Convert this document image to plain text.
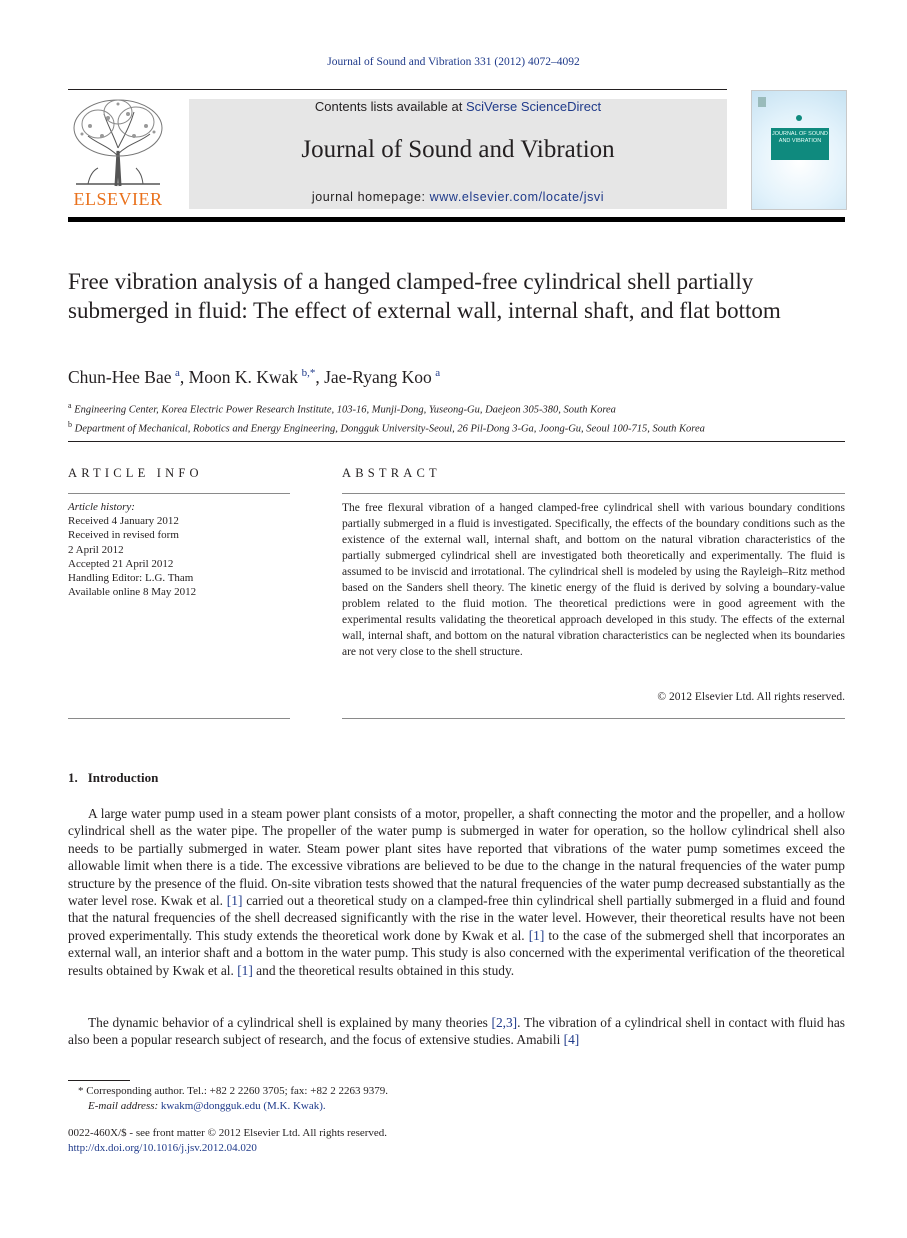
Journal of Sound and Vibration 331 (2012) 4072–4092
ELSEVIER
Contents lists available at SciVerse ScienceDirect
Journal of Sound and Vibration
journal homepage: www.elsevier.com/locate/jsvi
JOURNAL OF SOUND AND VIBRATION
Free vibration analysis of a hanged clamped-free cylindrical shell partially submerged in fluid: The effect of external wall, internal shaft, and flat bottom
Chun-Hee Bae  $^a$, Moon K. Kwak  $^{b,*}$, Jae-Ryang Koo  $^a$
$^a$ Engineering Center, Korea Electric Power Research Institute, 103-16, Munji-Dong, Yuseong-Gu, Daejeon 305-380, South Korea
$^b$ Department of Mechanical, Robotics and Energy Engineering, Dongguk University-Seoul, 26 Pil-Dong 3-Ga, Joong-Gu, Seoul 100-715, South Korea
ARTICLE INFO	ABSTRACT
Article history:
Received 4 January 2012
Received in revised form
2 April 2012
Accepted 21 April 2012
Handling Editor: L.G. Tham
Available online 8 May 2012
The free flexural vibration of a hanged clamped-free cylindrical shell with various boundary conditions partially submerged in a fluid is investigated. Specifically, the effects of the boundary conditions such as the existence of the external wall, internal shaft, and bottom on the natural vibration characteristics of the partially submerged cylindrical shell are investigated both theoretically and experimentally. The fluid is assumed to be inviscid and irrotational. The cylindrical shell is modeled by using the Rayleigh–Ritz method based on the Sanders shell theory. The kinetic energy of the fluid is derived by solving a boundary-value problem related to the fluid motion. The theoretical predictions were in good agreement with the experimental results validating the theoretical approach developed in this study. The effects of the external wall, internal shaft, and bottom on the natural vibration characteristics can be neglected when its boundaries are not very close to the shell structure.
© 2012 Elsevier Ltd. All rights reserved.
1. Introduction
A large water pump used in a steam power plant consists of a motor, propeller, a shaft connecting the motor and the propeller, and a hollow cylindrical shell as the water pipe. The propeller of the water pump is submerged in water for operation, so the hollow cylindrical shell also needs to be partially submerged in water. Steam power plant sites have reported that vibrations of the water pump sometimes exceed the allowable limit when there is a tide. The excessive vibrations are believed to be due to the change in the natural frequencies of the water pump structure by the presence of the fluid. On-site vibration tests showed that the natural frequencies of the water pump decreased substantially as the water level rose. Kwak et al. [1] carried out a theoretical study on a clamped-free thin cylindrical shell partially submerged in a fluid and found that the natural frequencies of the shell decreased significantly with the rise in the water level. However, their theoretical results have not been proved experimentally. This study extends the theoretical work done by Kwak et al. [1] to the case of the submerged shell that incorporates an external wall, an interior shaft and a bottom in the water pump. This study is also concerned with the experimental verification of the theoretical results obtained by Kwak et al. [1] and the theoretical results obtained in this study.
The dynamic behavior of a cylindrical shell is explained by many theories [2,3]. The vibration of a cylindrical shell in contact with fluid has also been a popular research subject of research, and the focus of extensive studies. Amabili [4]
* Corresponding author. Tel.: +82 2 2260 3705; fax: +82 2 2263 9379.
E-mail address: kwakm@dongguk.edu (M.K. Kwak).
0022-460X/$ - see front matter © 2012 Elsevier Ltd. All rights reserved.
http://dx.doi.org/10.1016/j.jsv.2012.04.020
